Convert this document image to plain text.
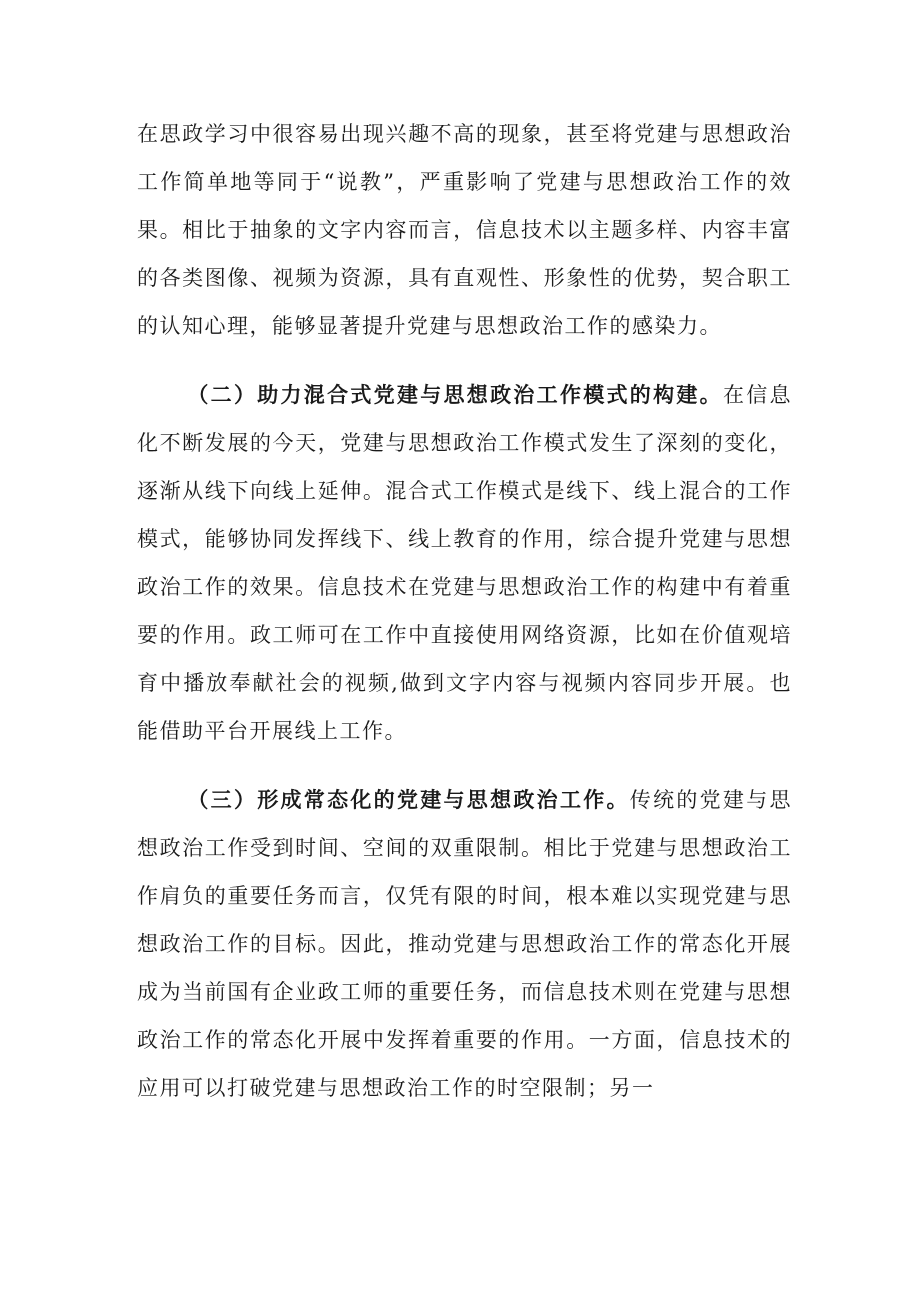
在思政学习中很容易出现兴趣不高的现象，甚至将党建与思想政治工作简单地等同于“说教”，严重影响了党建与思想政治工作的效果。相比于抽象的文字内容而言，信息技术以主题多样、内容丰富的各类图像、视频为资源，具有直观性、形象性的优势，契合职工的认知心理，能够显著提升党建与思想政治工作的感染力。

（二）助力混合式党建与思想政治工作模式的构建。在信息化不断发展的今天，党建与思想政治工作模式发生了深刻的变化，逐渐从线下向线上延伸。混合式工作模式是线下、线上混合的工作模式，能够协同发挥线下、线上教育的作用，综合提升党建与思想政治工作的效果。信息技术在党建与思想政治工作的构建中有着重要的作用。政工师可在工作中直接使用网络资源，比如在价值观培育中播放奉献社会的视频,做到文字内容与视频内容同步开展。也能借助平台开展线上工作。

（三）形成常态化的党建与思想政治工作。传统的党建与思想政治工作受到时间、空间的双重限制。相比于党建与思想政治工作肩负的重要任务而言，仅凭有限的时间，根本难以实现党建与思想政治工作的目标。因此，推动党建与思想政治工作的常态化开展成为当前国有企业政工师的重要任务，而信息技术则在党建与思想政治工作的常态化开展中发挥着重要的作用。一方面，信息技术的应用可以打破党建与思想政治工作的时空限制；另一
